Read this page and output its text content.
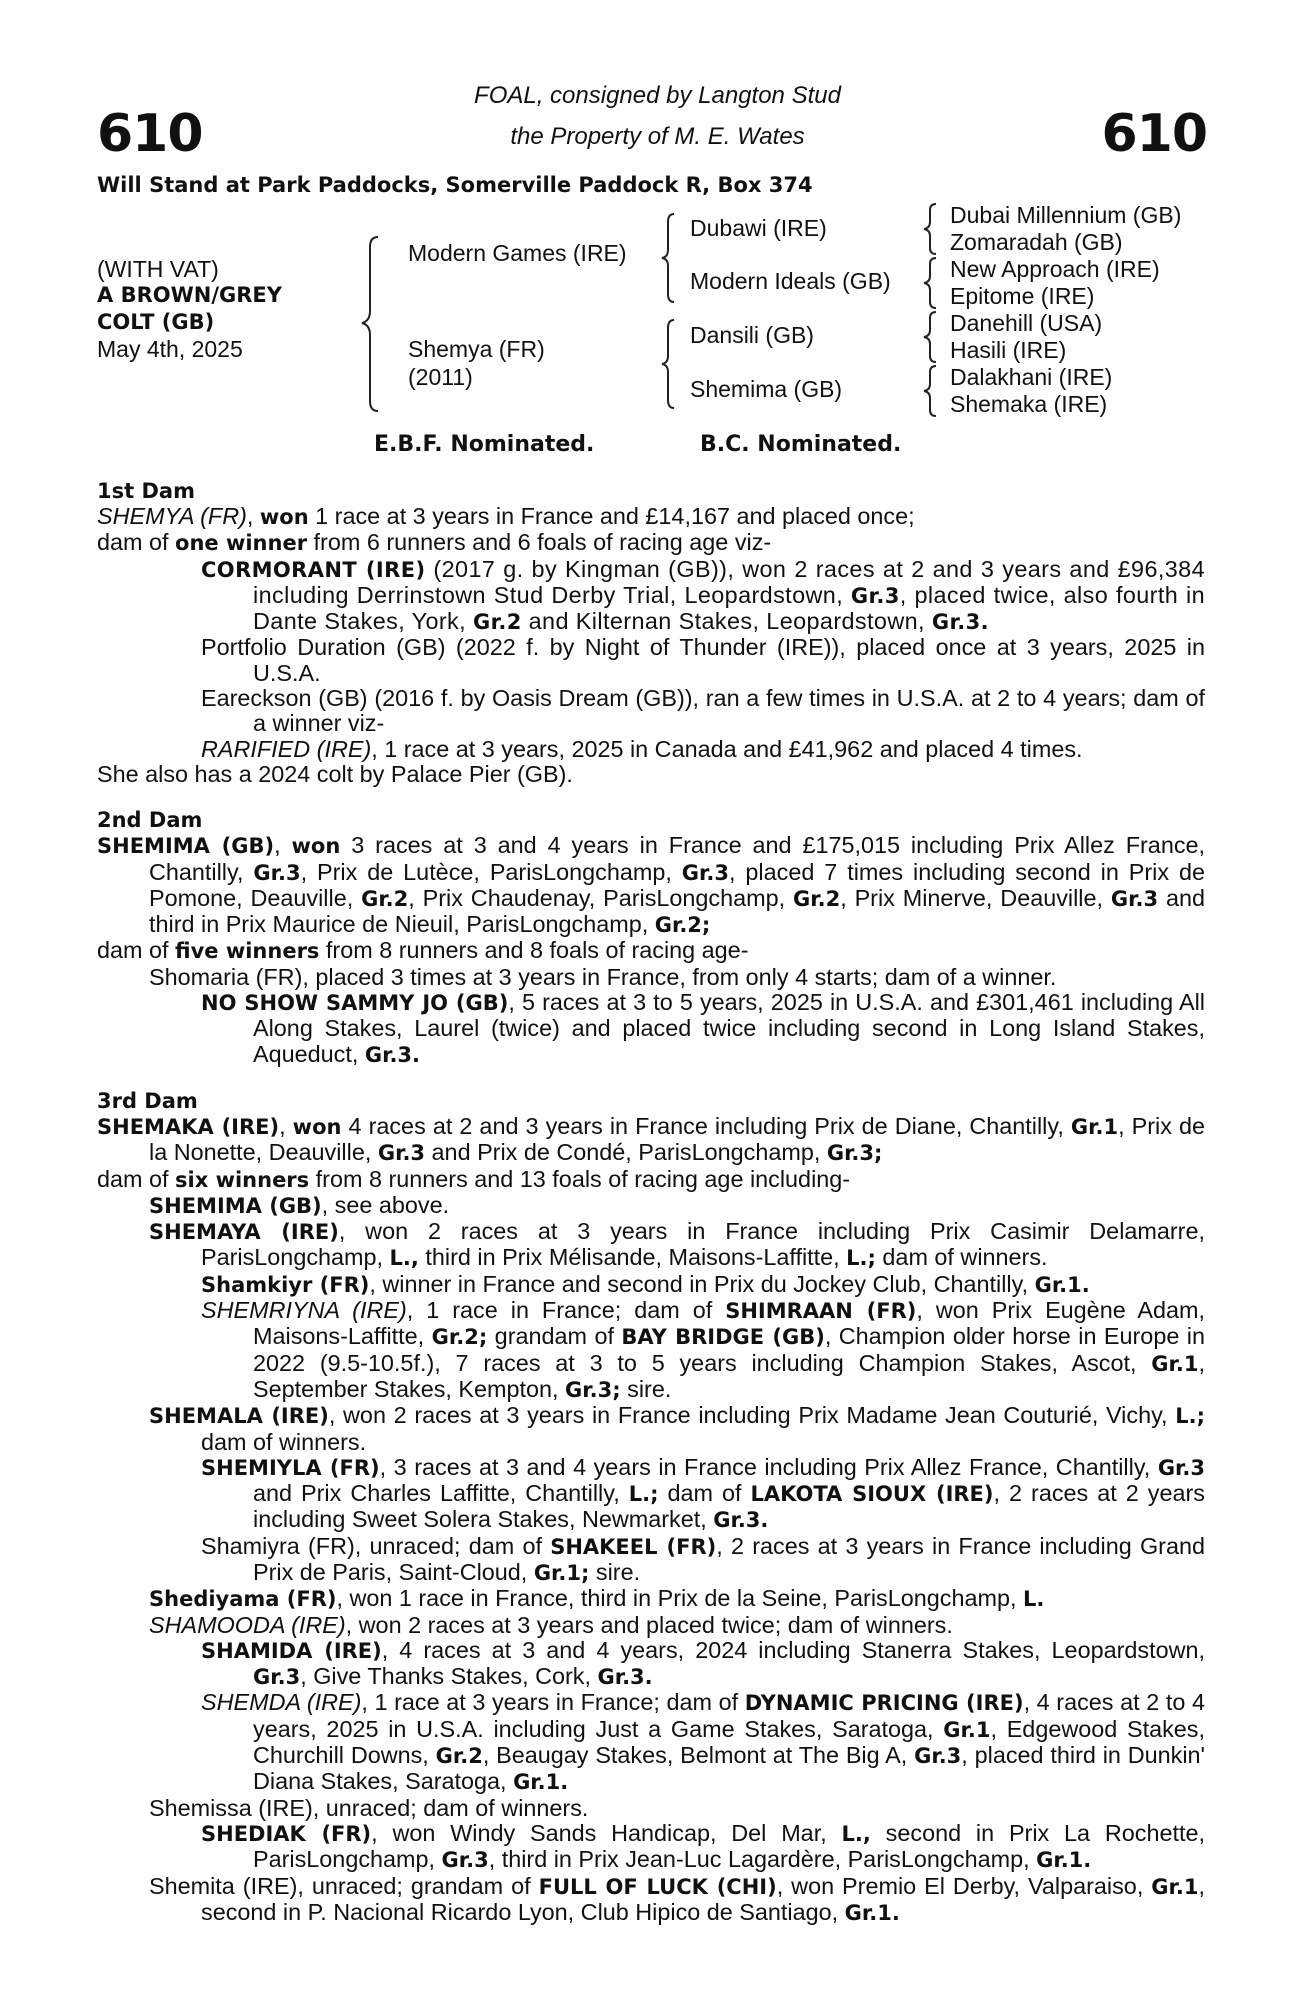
610	610
FOAL, consigned by Langton Stud
the Property of M. E. Wates
Will Stand at Park Paddocks, Somerville Paddock R, Box 374
(WITH VAT)
A BROWN/GREY
COLT (GB)
May 4th, 2025
Modern Games (IRE)
Shemya (FR)
(2011)
Dubawi (IRE)
Modern Ideals (GB)
Dansili (GB)
Shemima (GB)
Dubai Millennium (GB)
Zomaradah (GB)
New Approach (IRE)
Epitome (IRE)
Danehill (USA)
Hasili (IRE)
Dalakhani (IRE)
Shemaka (IRE)
E.B.F. Nominated.	B.C. Nominated.
1st Dam

SHEMYA (FR), won 1 race at 3 years in France and £14,167 and placed once;

dam of one winner from 6 runners and 6 foals of racing age viz-

CORMORANT (IRE) (2017 g. by Kingman (GB)), won 2 races at 2 and 3 years and £96,384 including Derrinstown Stud Derby Trial, Leopardstown, Gr.3, placed twice, also fourth in Dante Stakes, York, Gr.2 and Kilternan Stakes, Leopardstown, Gr.3.

Portfolio Duration (GB) (2022 f. by Night of Thunder (IRE)), placed once at 3 years, 2025 in U.S.A.

Eareckson (GB) (2016 f. by Oasis Dream (GB)), ran a few times in U.S.A. at 2 to 4 years; dam of a winner viz-

RARIFIED (IRE), 1 race at 3 years, 2025 in Canada and £41,962 and placed 4 times.

She also has a 2024 colt by Palace Pier (GB).

2nd Dam

SHEMIMA (GB), won 3 races at 3 and 4 years in France and £175,015 including Prix Allez France, Chantilly, Gr.3, Prix de Lutèce, ParisLongchamp, Gr.3, placed 7 times including second in Prix de Pomone, Deauville, Gr.2, Prix Chaudenay, ParisLongchamp, Gr.2, Prix Minerve, Deauville, Gr.3 and third in Prix Maurice de Nieuil, ParisLongchamp, Gr.2;

dam of five winners from 8 runners and 8 foals of racing age-

Shomaria (FR), placed 3 times at 3 years in France, from only 4 starts; dam of a winner.

NO SHOW SAMMY JO (GB), 5 races at 3 to 5 years, 2025 in U.S.A. and £301,461 including All Along Stakes, Laurel (twice) and placed twice including second in Long Island Stakes, Aqueduct, Gr.3.

3rd Dam

SHEMAKA (IRE), won 4 races at 2 and 3 years in France including Prix de Diane, Chantilly, Gr.1, Prix de la Nonette, Deauville, Gr.3 and Prix de Condé, ParisLongchamp, Gr.3;

dam of six winners from 8 runners and 13 foals of racing age including-

SHEMIMA (GB), see above.

SHEMAYA (IRE), won 2 races at 3 years in France including Prix Casimir Delamarre, ParisLongchamp, L., third in Prix Mélisande, Maisons-Laffitte, L.; dam of winners.

Shamkiyr (FR), winner in France and second in Prix du Jockey Club, Chantilly, Gr.1.

SHEMRIYNA (IRE), 1 race in France; dam of SHIMRAAN (FR), won Prix Eugène Adam, Maisons-Laffitte, Gr.2; grandam of BAY BRIDGE (GB), Champion older horse in Europe in 2022 (9.5-10.5f.), 7 races at 3 to 5 years including Champion Stakes, Ascot, Gr.1, September Stakes, Kempton, Gr.3; sire.

SHEMALA (IRE), won 2 races at 3 years in France including Prix Madame Jean Couturié, Vichy, L.; dam of winners.

SHEMIYLA (FR), 3 races at 3 and 4 years in France including Prix Allez France, Chantilly, Gr.3 and Prix Charles Laffitte, Chantilly, L.; dam of LAKOTA SIOUX (IRE), 2 races at 2 years including Sweet Solera Stakes, Newmarket, Gr.3.

Shamiyra (FR), unraced; dam of SHAKEEL (FR), 2 races at 3 years in France including Grand Prix de Paris, Saint-Cloud, Gr.1; sire.

Shediyama (FR), won 1 race in France, third in Prix de la Seine, ParisLongchamp, L.

SHAMOODA (IRE), won 2 races at 3 years and placed twice; dam of winners.

SHAMIDA (IRE), 4 races at 3 and 4 years, 2024 including Stanerra Stakes, Leopardstown, Gr.3, Give Thanks Stakes, Cork, Gr.3.

SHEMDA (IRE), 1 race at 3 years in France; dam of DYNAMIC PRICING (IRE), 4 races at 2 to 4 years, 2025 in U.S.A. including Just a Game Stakes, Saratoga, Gr.1, Edgewood Stakes, Churchill Downs, Gr.2, Beaugay Stakes, Belmont at The Big A, Gr.3, placed third in Dunkin' Diana Stakes, Saratoga, Gr.1.

Shemissa (IRE), unraced; dam of winners.

SHEDIAK (FR), won Windy Sands Handicap, Del Mar, L., second in Prix La Rochette, ParisLongchamp, Gr.3, third in Prix Jean-Luc Lagardère, ParisLongchamp, Gr.1.

Shemita (IRE), unraced; grandam of FULL OF LUCK (CHI), won Premio El Derby, Valparaiso, Gr.1, second in P. Nacional Ricardo Lyon, Club Hipico de Santiago, Gr.1.
